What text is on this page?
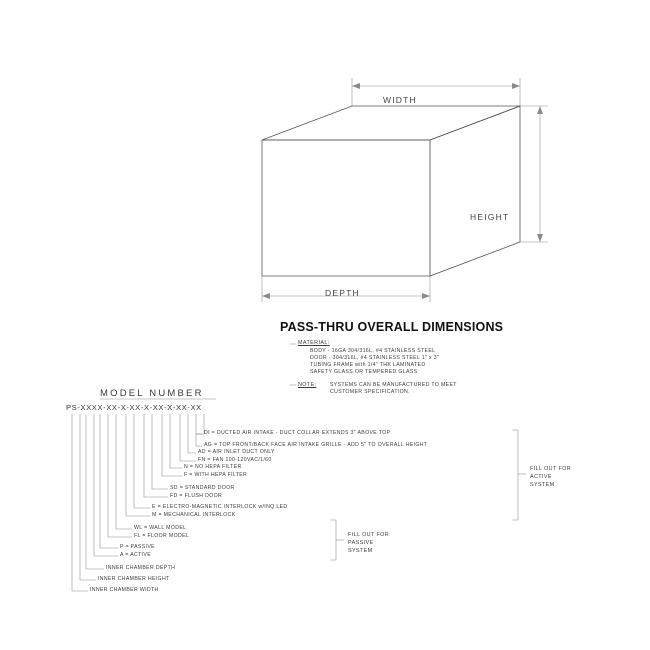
WIDTH
HEIGHT
DEPTH
PASS-THRU OVERALL DIMENSIONS
MATERIAL:
BODY - 16GA 304/316L, #4 STAINLESS STEEL
DOOR - 304/316L, #4 STAINLESS STEEL 1" x 3"
TUBING FRAME with 1/4" THK LAMINATED
SAFETY GLASS OR TEMPERED GLASS
NOTE:	SYSTEMS CAN BE MANUFACTURED TO MEET
CUSTOMER SPECIFICATION.
MODEL NUMBER
PS-XXXX-XX-X-XX-X-XX-X-XX-XX
DI = DUCTED AIR INTAKE - DUCT COLLAR EXTENDS 3" ABOVE TOP
AG = TOP FRONT/BACK FACE AIR INTAKE GRILLE - ADD 5" TO OVERALL HEIGHT
AD = AIR INLET DUCT ONLY
FN = FAN 100-120VAC/1/60
N = NO HEPA FILTER
F = WITH HEPA FILTER
SD = STANDARD DOOR
FD = FLUSH DOOR
E = ELECTRO-MAGNETIC INTERLOCK w/INQ LED
M = MECHANICAL INTERLOCK
WL = WALL MODEL
FL = FLOOR MODEL
P = PASSIVE
A = ACTIVE
INNER CHAMBER DEPTH
INNER CHAMBER HEIGHT
INNER CHAMBER WIDTH
FILL OUT FOR
ACTIVE
SYSTEM
FILL OUT FOR
PASSIVE
SYSTEM
